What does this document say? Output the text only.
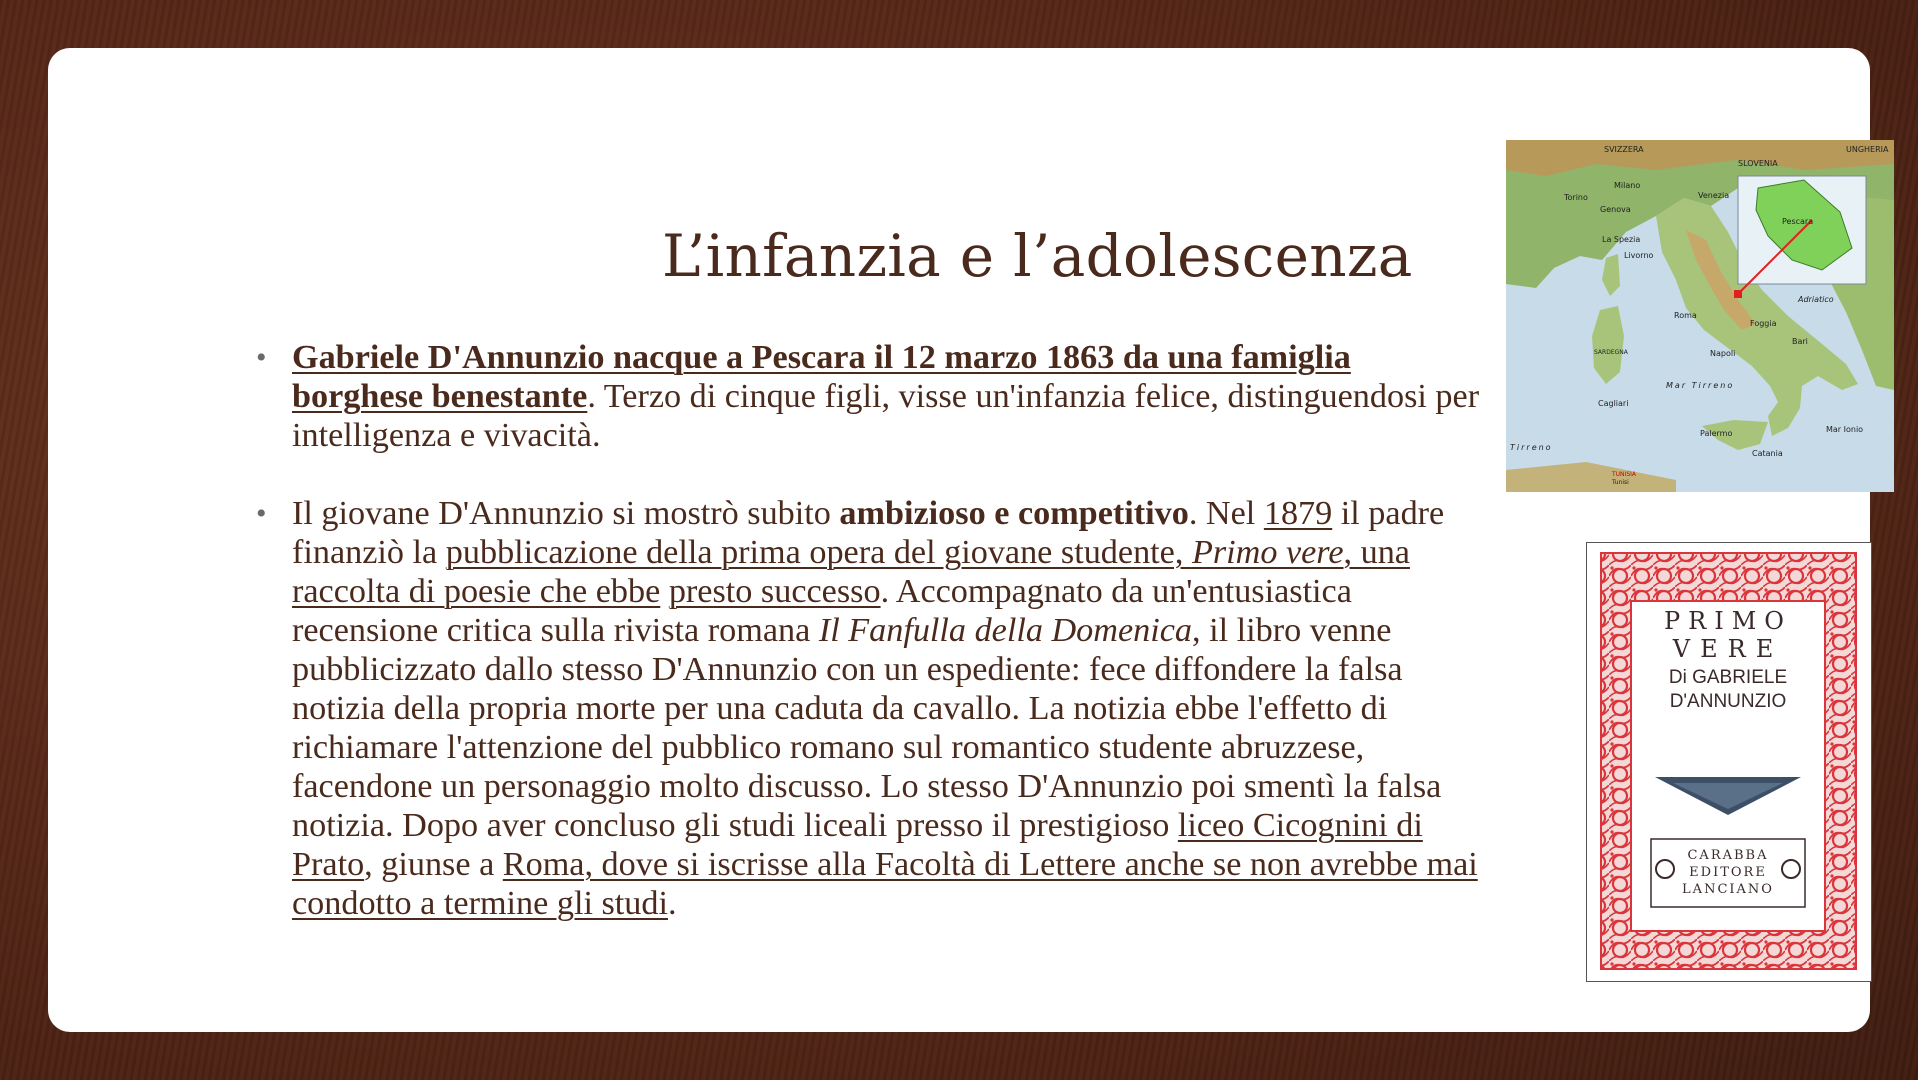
L’infanzia e l’adolescenza
• Gabriele D'Annunzio nacque a Pescara il 12 marzo 1863 da una famiglia borghese benestante. Terzo di cinque figli, visse un'infanzia felice, distinguendosi per intelligenza e vivacità.
• Il giovane D'Annunzio si mostrò subito ambizioso e competitivo. Nel 1879 il padre finanziò la pubblicazione della prima opera del giovane studente, Primo vere, una raccolta di poesie che ebbe presto successo. Accompagnato da un'entusiastica recensione critica sulla rivista romana Il Fanfulla della Domenica, il libro venne pubblicizzato dallo stesso D'Annunzio con un espediente: fece diffondere la falsa notizia della propria morte per una caduta da cavallo. La notizia ebbe l'effetto di richiamare l'attenzione del pubblico romano sul romantico studente abruzzese, facendone un personaggio molto discusso. Lo stesso D'Annunzio poi smentì la falsa notizia. Dopo aver concluso gli studi liceali presso il prestigioso liceo Cicognini di Prato, giunse a Roma, dove si iscrisse alla Facoltà di Lettere anche se non avrebbe mai condotto a termine gli studi.
SVIZZERA	UNGHERIA
SLOVENIA
Milano
Venezia
Genova
Torino
La Spezia
Livorno
Pescara
Roma
Napoli
Foggia
Bari
Adriatico
Mar Tirreno
Cagliari
SARDEGNA
Palermo
Catania
TUNISIA
Tunisi
Mar Ionio
Tirreno
PRIMO
VERE
Di GABRIELE
D'ANNUNZIO
CARABBA
EDITORE
LANCIANO
